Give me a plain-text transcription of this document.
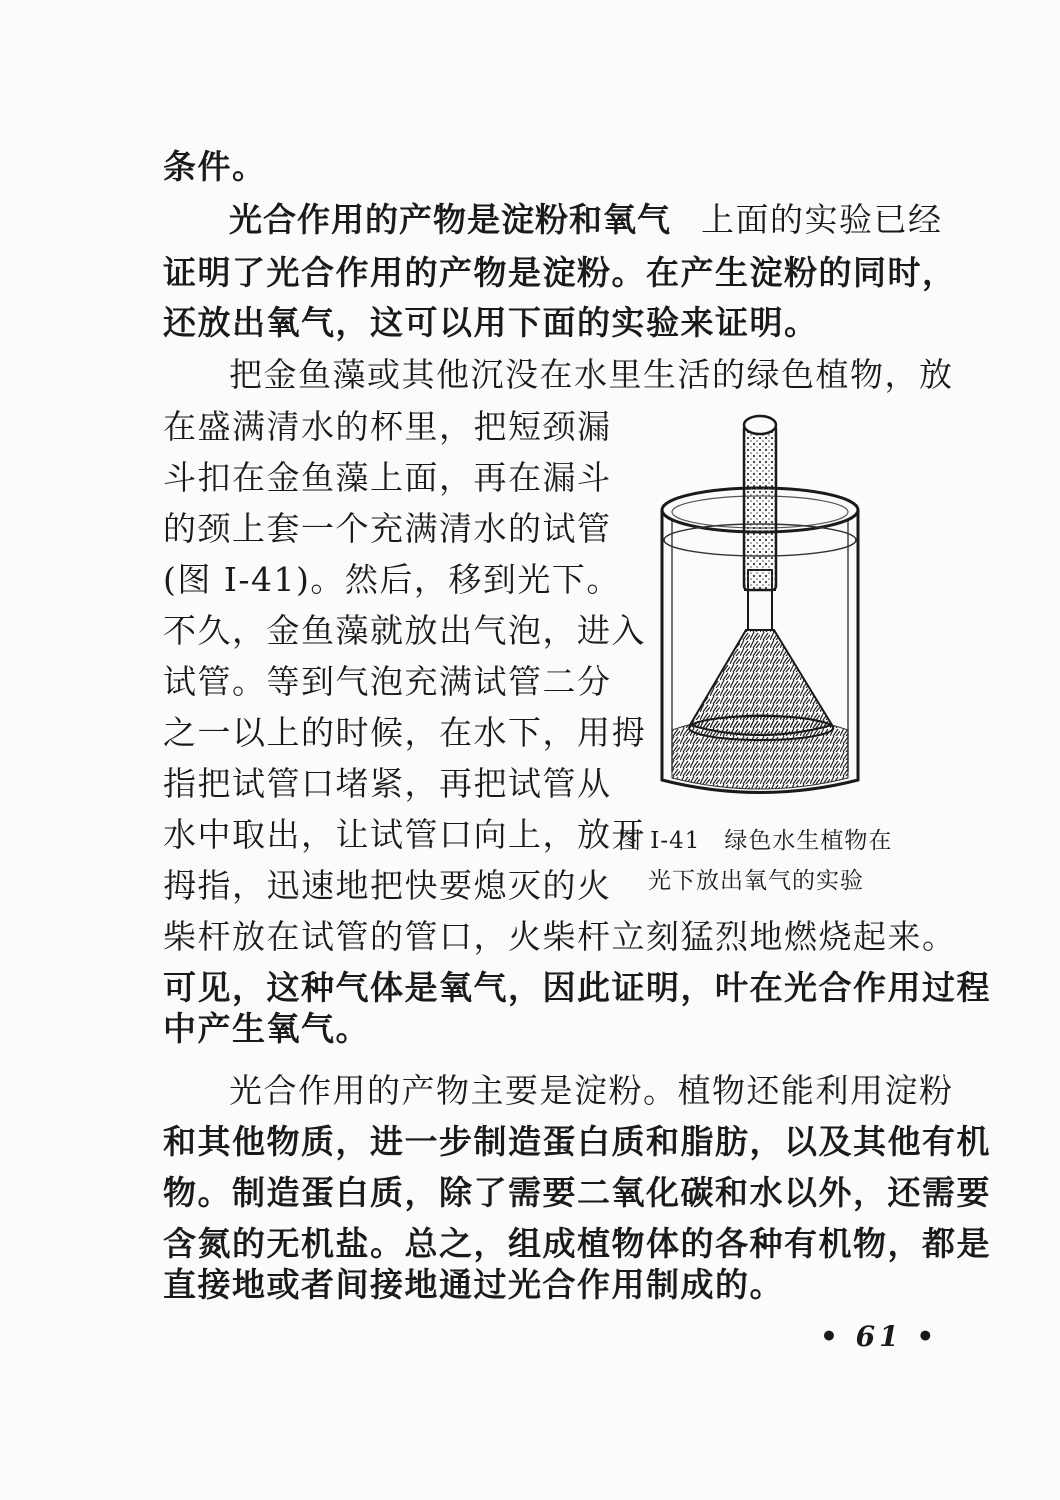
条件。
光合作用的产物是淀粉和氧气 上面的实验已经
证明了光合作用的产物是淀粉。在产生淀粉的同时，
还放出氧气，这可以用下面的实验来证明。
把金鱼藻或其他沉没在水里生活的绿色植物，放
在盛满清水的杯里，把短颈漏
斗扣在金鱼藻上面，再在漏斗
的颈上套一个充满清水的试管
(图 I-41)。然后，移到光下。
不久，金鱼藻就放出气泡，进入
试管。等到气泡充满试管二分
之一以上的时候，在水下，用拇
指把试管口堵紧，再把试管从
水中取出，让试管口向上，放开
拇指，迅速地把快要熄灭的火
柴杆放在试管的管口，火柴杆立刻猛烈地燃烧起来。
可见，这种气体是氧气，因此证明，叶在光合作用过程
中产生氧气。
光合作用的产物主要是淀粉。植物还能利用淀粉
和其他物质，进一步制造蛋白质和脂肪，以及其他有机
物。制造蛋白质，除了需要二氧化碳和水以外，还需要
含氮的无机盐。总之，组成植物体的各种有机物，都是
直接地或者间接地通过光合作用制成的。
图 I-41　绿色水生植物在
光下放出氧气的实验
• 61 •
